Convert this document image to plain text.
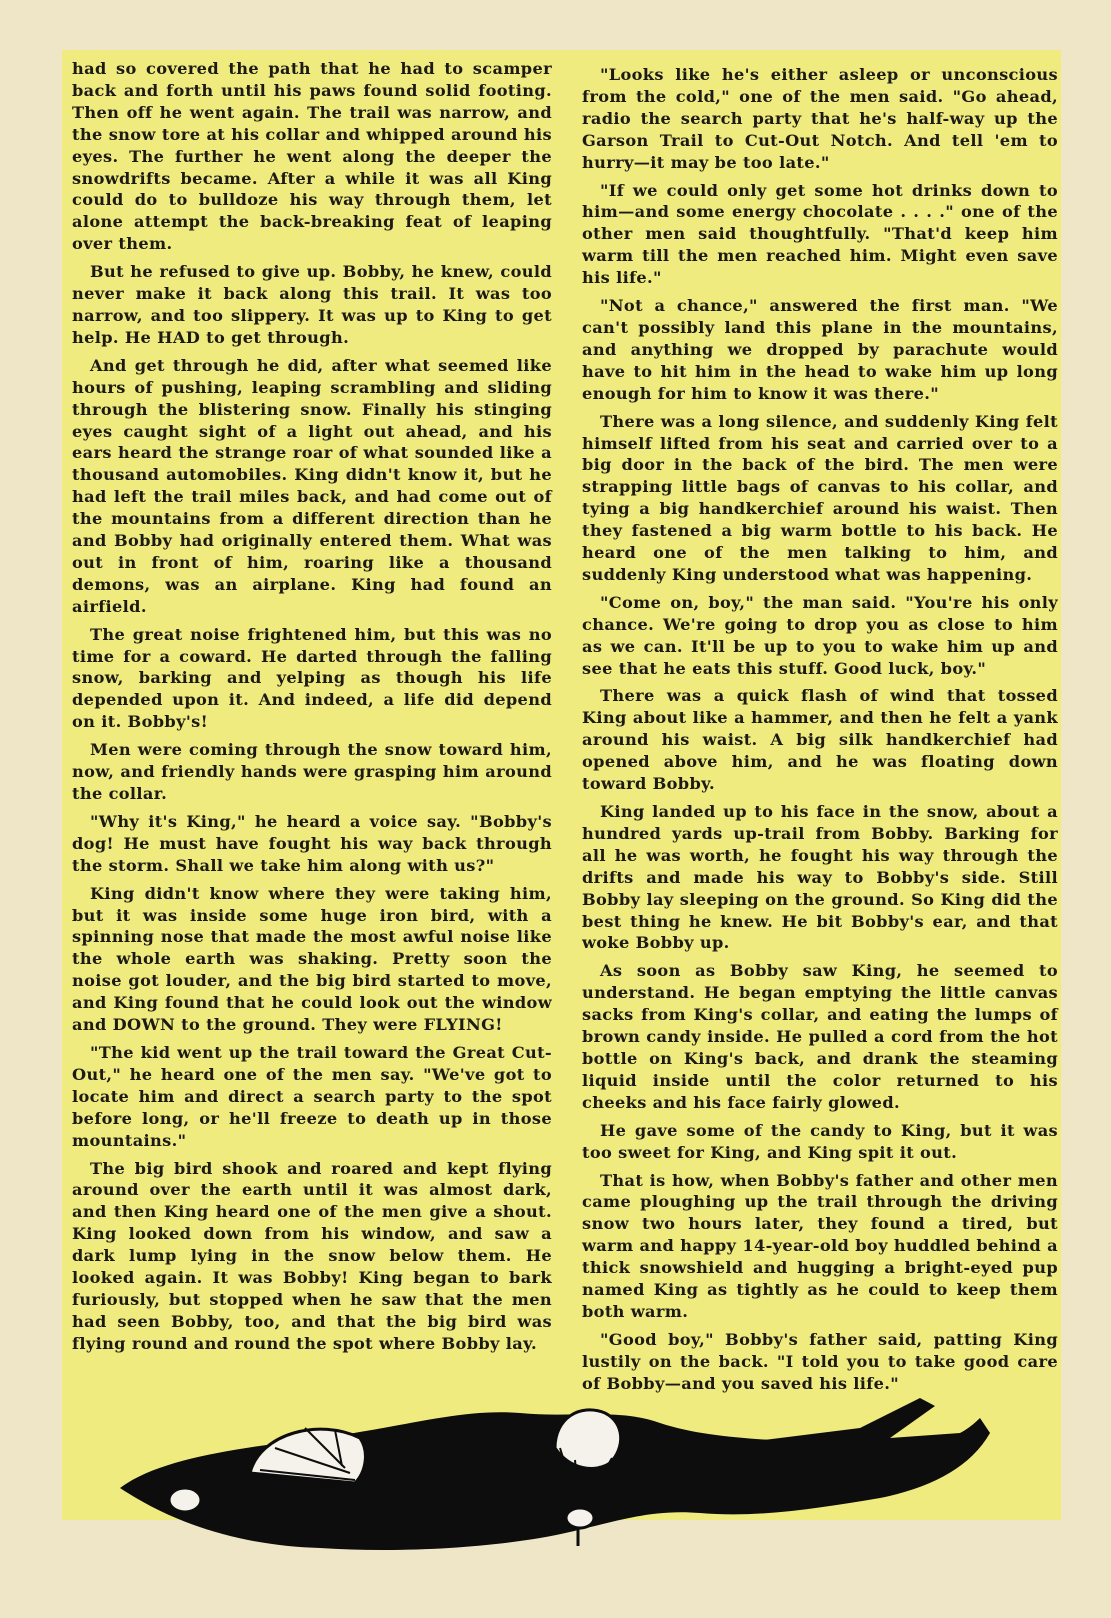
had so covered the path that he had to scamper back and forth until his paws found solid footing. Then off he went again. The trail was narrow, and the snow tore at his collar and whipped around his eyes. The further he went along the deeper the snowdrifts became. After a while it was all King could do to bulldoze his way through them, let alone attempt the back-breaking feat of leaping over them.

But he refused to give up. Bobby, he knew, could never make it back along this trail. It was too narrow, and too slippery. It was up to King to get help. He HAD to get through.

And get through he did, after what seemed like hours of pushing, leaping scrambling and sliding through the blistering snow. Finally his stinging eyes caught sight of a light out ahead, and his ears heard the strange roar of what sounded like a thousand automobiles. King didn't know it, but he had left the trail miles back, and had come out of the mountains from a different direction than he and Bobby had originally entered them. What was out in front of him, roaring like a thousand demons, was an airplane. King had found an airfield.

The great noise frightened him, but this was no time for a coward. He darted through the falling snow, barking and yelping as though his life depended upon it. And indeed, a life did depend on it. Bobby's!

Men were coming through the snow toward him, now, and friendly hands were grasping him around the collar.

"Why it's King," he heard a voice say. "Bobby's dog! He must have fought his way back through the storm. Shall we take him along with us?"

King didn't know where they were taking him, but it was inside some huge iron bird, with a spinning nose that made the most awful noise like the whole earth was shaking. Pretty soon the noise got louder, and the big bird started to move, and King found that he could look out the window and DOWN to the ground. They were FLYING!

"The kid went up the trail toward the Great Cut-Out," he heard one of the men say. "We've got to locate him and direct a search party to the spot before long, or he'll freeze to death up in those mountains."

The big bird shook and roared and kept flying around over the earth until it was almost dark, and then King heard one of the men give a shout. King looked down from his window, and saw a dark lump lying in the snow below them. He looked again. It was Bobby! King began to bark furiously, but stopped when he saw that the men had seen Bobby, too, and that the big bird was flying round and round the spot where Bobby lay.

"Looks like he's either asleep or unconscious from the cold," one of the men said. "Go ahead, radio the search party that he's half-way up the Garson Trail to Cut-Out Notch. And tell 'em to hurry—it may be too late."

"If we could only get some hot drinks down to him—and some energy chocolate . . . ." one of the other men said thoughtfully. "That'd keep him warm till the men reached him. Might even save his life."

"Not a chance," answered the first man. "We can't possibly land this plane in the mountains, and anything we dropped by parachute would have to hit him in the head to wake him up long enough for him to know it was there."

There was a long silence, and suddenly King felt himself lifted from his seat and carried over to a big door in the back of the bird. The men were strapping little bags of canvas to his collar, and tying a big handkerchief around his waist. Then they fastened a big warm bottle to his back. He heard one of the men talking to him, and suddenly King understood what was happening.

"Come on, boy," the man said. "You're his only chance. We're going to drop you as close to him as we can. It'll be up to you to wake him up and see that he eats this stuff. Good luck, boy."

There was a quick flash of wind that tossed King about like a hammer, and then he felt a yank around his waist. A big silk handkerchief had opened above him, and he was floating down toward Bobby.

King landed up to his face in the snow, about a hundred yards up-trail from Bobby. Barking for all he was worth, he fought his way through the drifts and made his way to Bobby's side. Still Bobby lay sleeping on the ground. So King did the best thing he knew. He bit Bobby's ear, and that woke Bobby up.

As soon as Bobby saw King, he seemed to understand. He began emptying the little canvas sacks from King's collar, and eating the lumps of brown candy inside. He pulled a cord from the hot bottle on King's back, and drank the steaming liquid inside until the color returned to his cheeks and his face fairly glowed.

He gave some of the candy to King, but it was too sweet for King, and King spit it out.

That is how, when Bobby's father and other men came ploughing up the trail through the driving snow two hours later, they found a tired, but warm and happy 14-year-old boy huddled behind a thick snowshield and hugging a bright-eyed pup named King as tightly as he could to keep them both warm.

"Good boy," Bobby's father said, patting King lustily on the back. "I told you to take good care of Bobby—and you saved his life."
